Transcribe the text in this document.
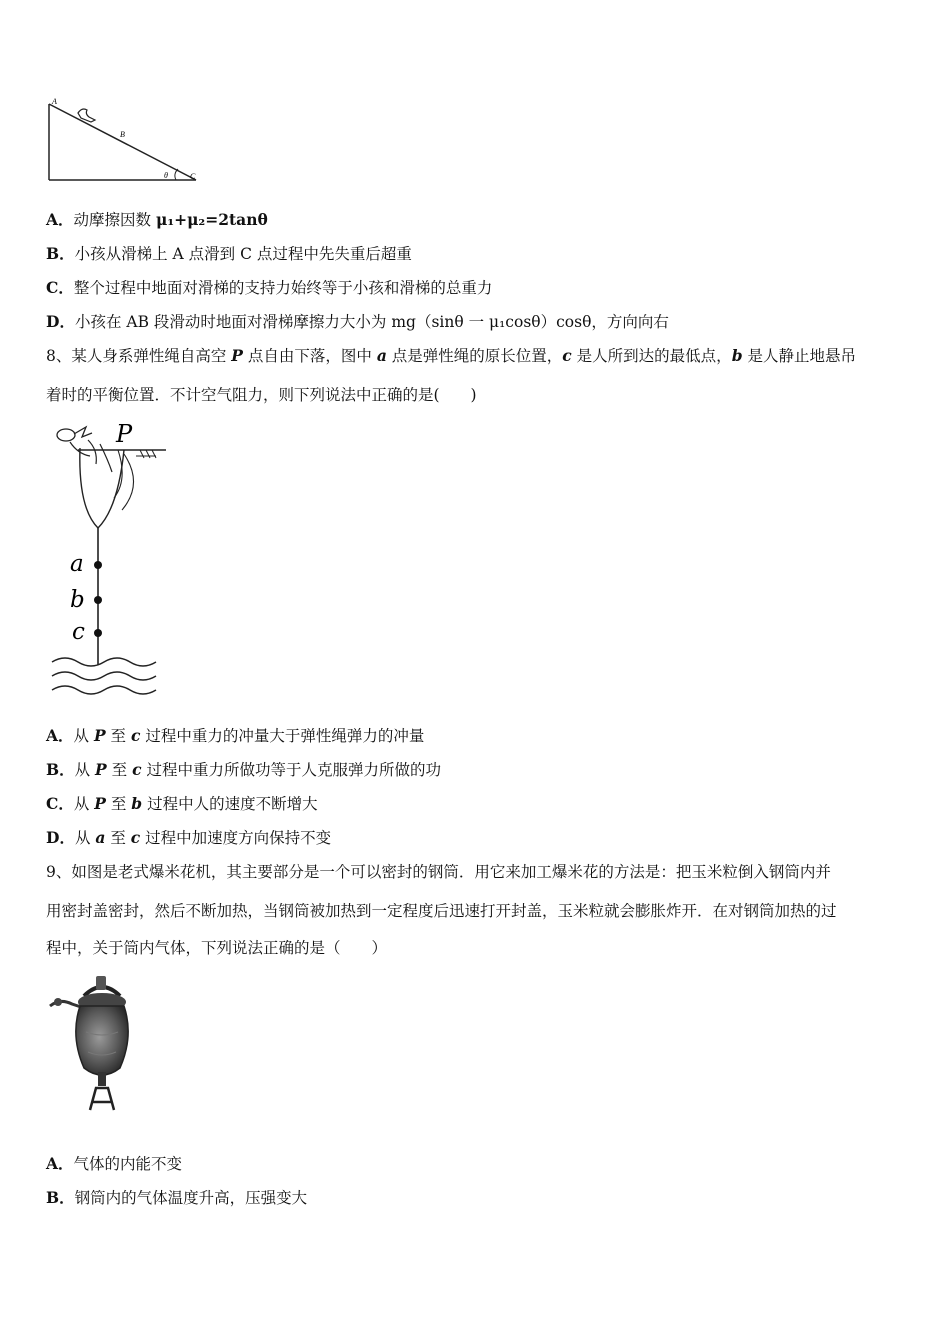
A
B
θ	C
A．动摩擦因数 μ₁+μ₂=2tanθ
B．小孩从滑梯上 A 点滑到 C 点过程中先失重后超重
C．整个过程中地面对滑梯的支持力始终等于小孩和滑梯的总重力
D．小孩在 AB 段滑动时地面对滑梯摩擦力大小为 mg（sinθ 一 μ₁cosθ）cosθ，方向向右
8、某人身系弹性绳自高空 P 点自由下落，图中 a 点是弹性绳的原长位置，c 是人所到达的最低点，b 是人静止地悬吊
着时的平衡位置．不计空气阻力，则下列说法中正确的是(　　)
P
a
b
c
A．从 P 至 c 过程中重力的冲量大于弹性绳弹力的冲量
B．从 P 至 c 过程中重力所做功等于人克服弹力所做的功
C．从 P 至 b 过程中人的速度不断增大
D．从 a 至 c 过程中加速度方向保持不变
9、如图是老式爆米花机，其主要部分是一个可以密封的钢筒．用它来加工爆米花的方法是：把玉米粒倒入钢筒内并
用密封盖密封，然后不断加热，当钢筒被加热到一定程度后迅速打开封盖，玉米粒就会膨胀炸开．在对钢筒加热的过
程中，关于筒内气体，下列说法正确的是（　　）
A．气体的内能不变
B．钢筒内的气体温度升高，压强变大
